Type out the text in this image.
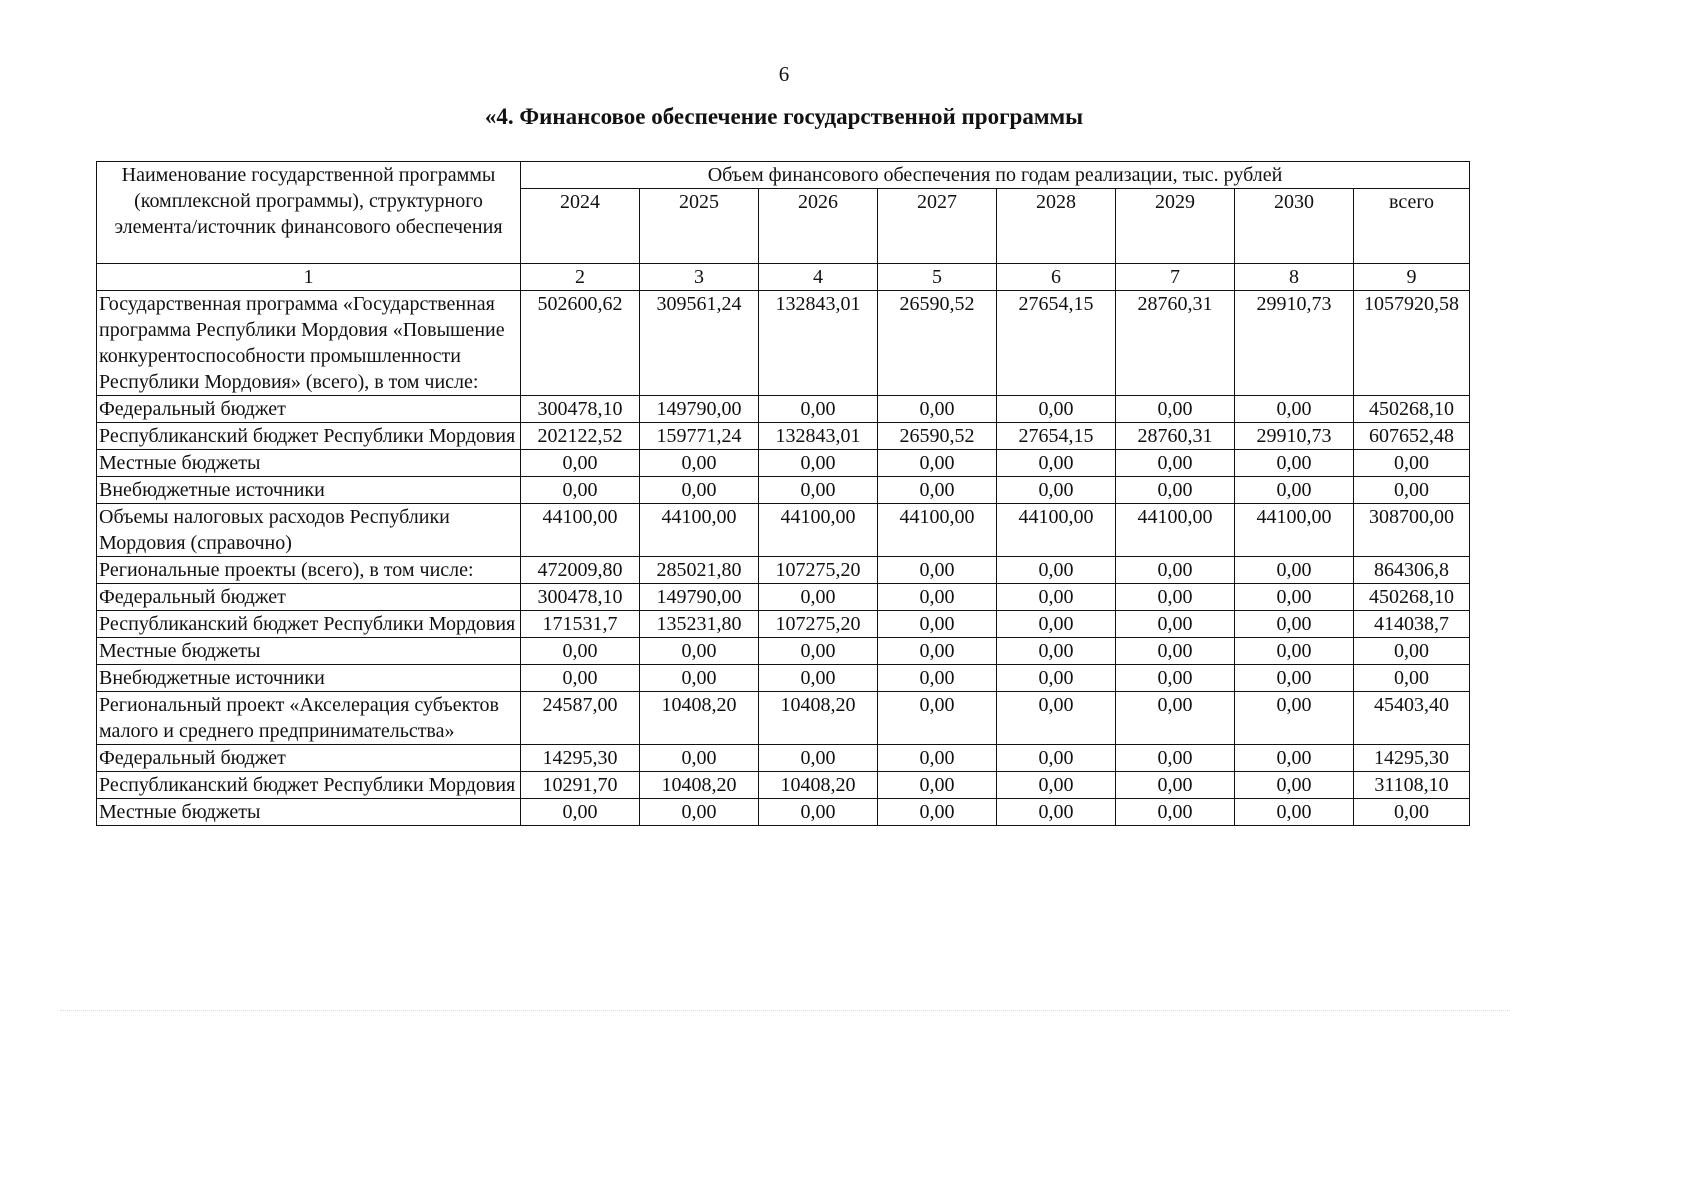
6
«4. Финансовое обеспечение государственной программы
Наименование государственной программы (комплексной программы), структурного элемента/источник финансового обеспечения	Объем финансового обеспечения по годам реализации, тыс. рублей							
	2024	2025	2026	2027	2028	2029	2030	всего
1	2	3	4	5	6	7	8	9
Государственная программа «Государственная программа Республики Мордовия «Повышение конкурентоспособности промышленности Республики Мордовия» (всего), в том числе:	502600,62	309561,24	132843,01	26590,52	27654,15	28760,31	29910,73	1057920,58
Федеральный бюджет	300478,10	149790,00	0,00	0,00	0,00	0,00	0,00	450268,10
Республиканский бюджет Республики Мордовия	202122,52	159771,24	132843,01	26590,52	27654,15	28760,31	29910,73	607652,48
Местные бюджеты	0,00	0,00	0,00	0,00	0,00	0,00	0,00	0,00
Внебюджетные источники	0,00	0,00	0,00	0,00	0,00	0,00	0,00	0,00
Объемы налоговых расходов Республики Мордовия (справочно)	44100,00	44100,00	44100,00	44100,00	44100,00	44100,00	44100,00	308700,00
Региональные проекты (всего), в том числе:	472009,80	285021,80	107275,20	0,00	0,00	0,00	0,00	864306,8
Федеральный бюджет	300478,10	149790,00	0,00	0,00	0,00	0,00	0,00	450268,10
Республиканский бюджет Республики Мордовия	171531,7	135231,80	107275,20	0,00	0,00	0,00	0,00	414038,7
Местные бюджеты	0,00	0,00	0,00	0,00	0,00	0,00	0,00	0,00
Внебюджетные источники	0,00	0,00	0,00	0,00	0,00	0,00	0,00	0,00
Региональный проект «Акселерация субъектов малого и среднего предпринимательства»	24587,00	10408,20	10408,20	0,00	0,00	0,00	0,00	45403,40
Федеральный бюджет	14295,30	0,00	0,00	0,00	0,00	0,00	0,00	14295,30
Республиканский бюджет Республики Мордовия	10291,70	10408,20	10408,20	0,00	0,00	0,00	0,00	31108,10
Местные бюджеты	0,00	0,00	0,00	0,00	0,00	0,00	0,00	0,00
